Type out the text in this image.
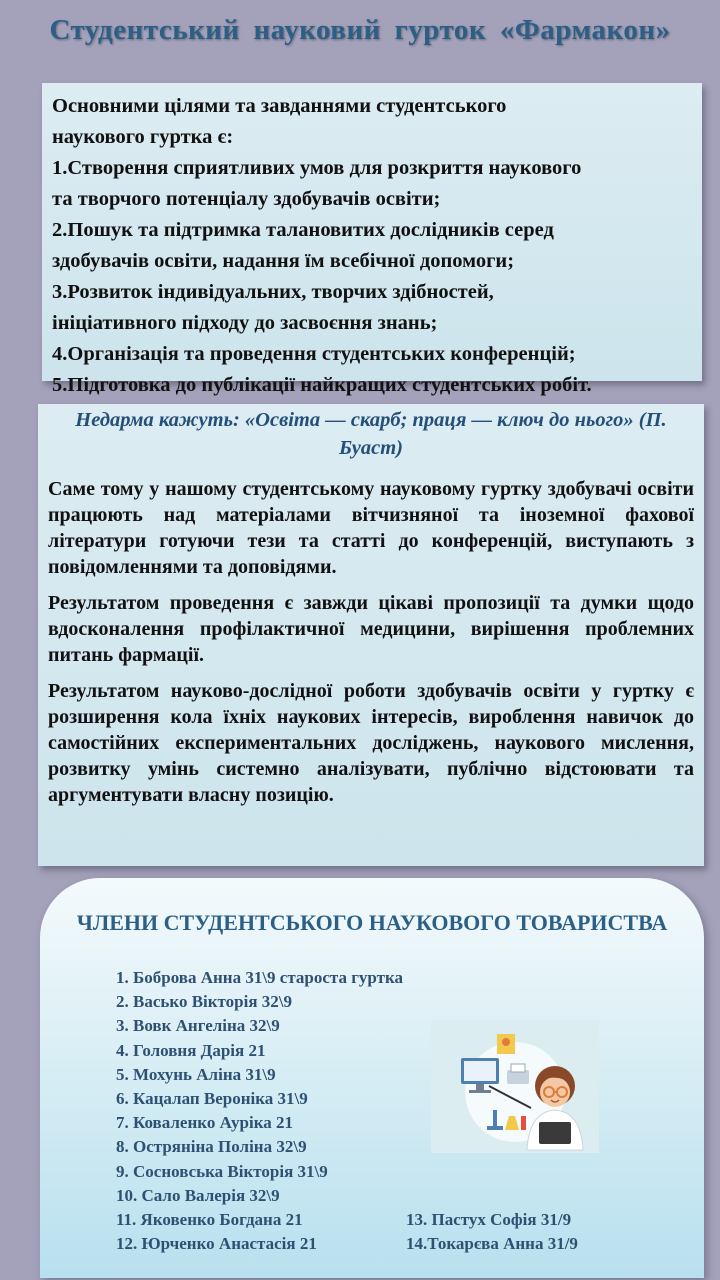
Студентський науковий гурток «Фармакон»
Основними цілями та завданнями студентського
наукового гуртка є:
1.Створення сприятливих умов для розкриття наукового
та творчого потенціалу здобувачів освіти;
2.Пошук та підтримка талановитих дослідників серед
здобувачів освіти, надання їм всебічної допомоги;
3.Розвиток індивідуальних, творчих здібностей,
ініціативного підходу до засвоєння знань;
4.Організація та проведення студентських конференцій;
5.Підготовка до публікації найкращих студентських робіт.
Недарма кажуть: «Освіта — скарб; праця — ключ до нього» (П. Буаст)

Саме тому у нашому студентському науковому гуртку здобувачі освіти працюють над матеріалами вітчизняної та іноземної фахової літератури готуючи тези та статті до конференцій, виступають з повідомленнями та доповідями.

Результатом проведення є завжди цікаві пропозиції та думки щодо вдосконалення профілактичної медицини, вирішення проблемних питань фармації.

Результатом науково-дослідної роботи здобувачів освіти у гуртку є розширення кола їхніх наукових інтересів, вироблення навичок до самостійних експериментальних досліджень, наукового мислення, розвитку умінь системно аналізувати, публічно відстоювати та аргументувати власну позицію.

ЧЛЕНИ СТУДЕНТСЬКОГО НАУКОВОГО ТОВАРИСТВА
1. Боброва Анна 31\9 староста гуртка
2. Васько Вікторія 32\9
3. Вовк Ангеліна 32\9
4. Головня Дарія 21
5. Мохунь Аліна 31\9
6. Кацалап Вероніка 31\9
7. Коваленко Ауріка 21
8. Остряніна Поліна 32\9
9. Сосновська Вікторія 31\9
10. Сало Валерія 32\9
11. Яковенко Богдана 21
12. Юрченко Анастасія 21
13. Пастух Софія 31/9
14.Токарєва Анна 31/9
